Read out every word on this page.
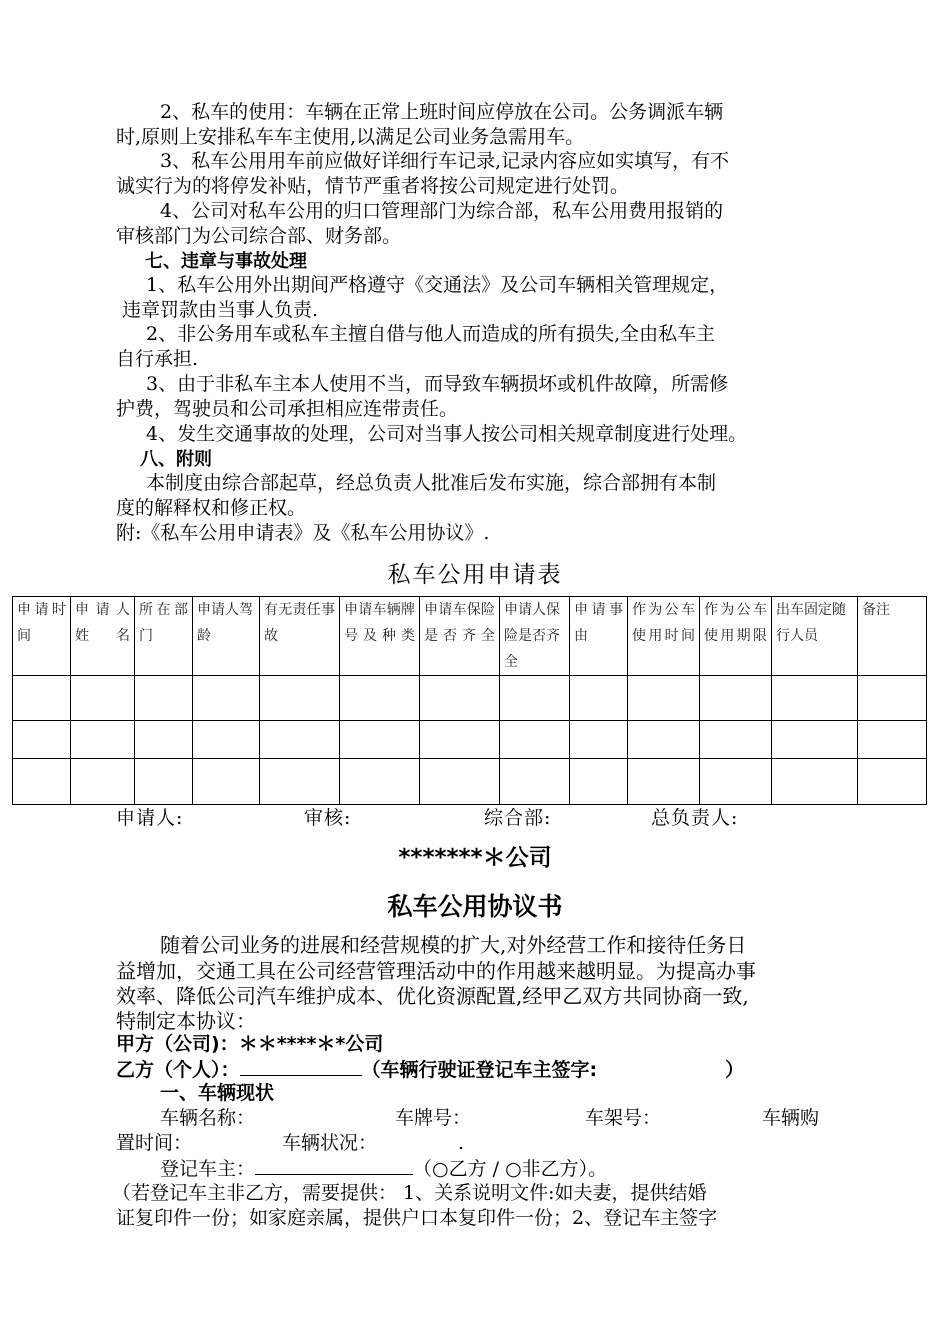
2、私车的使用：车辆在正常上班时间应停放在公司。公务调派车辆

时,原则上安排私车车主使用,以满足公司业务急需用车。

3、私车公用用车前应做好详细行车记录,记录内容应如实填写，有不

诚实行为的将停发补贴，情节严重者将按公司规定进行处罚。

4、公司对私车公用的归口管理部门为综合部，私车公用费用报销的

审核部门为公司综合部、财务部。

七、违章与事故处理

1、私车公用外出期间严格遵守《交通法》及公司车辆相关管理规定，

违章罚款由当事人负责.

2、非公务用车或私车主擅自借与他人而造成的所有损失,全由私车主

自行承担.

3、由于非私车主本人使用不当，而导致车辆损坏或机件故障，所需修

护费，驾驶员和公司承担相应连带责任。

4、发生交通事故的处理，公司对当事人按公司相关规章制度进行处理。

八、附则

本制度由综合部起草，经总负责人批准后发布实施，综合部拥有本制

度的解释权和修正权。

附:《私车公用申请表》及《私车公用协议》.

私车公用申请表

申请时间	申请人姓名	所在部门	申请人驾龄	有无责任事故	申请车辆牌号及种类	申请车保险是否齐全	申请人保险是否齐全	申请事由	作为公车使用时间	作为公车使用期限	出车固定随行人员	备注

申请人:	审核:	综合部:	总负责人:

*******＊公司

私车公用协议书

随着公司业务的进展和经营规模的扩大,对外经营工作和接待任务日

益增加，交通工具在公司经营管理活动中的作用越来越明显。为提高办事

效率、降低公司汽车维护成本、优化资源配置,经甲乙双方共同协商一致,

特制定本协议：

甲方（公司)：＊＊****＊*公司

乙方（个人）：	（车辆行驶证登记车主签字:	）

一、车辆现状

车辆名称：	车牌号：	车架号：	车辆购
置时间：	车辆状况：	.

登记车主：	（○乙方 / ○非乙方）。

（若登记车主非乙方，需要提供： 1、关系说明文件:如夫妻，提供结婚

证复印件一份；如家庭亲属，提供户口本复印件一份；2、登记车主签字
